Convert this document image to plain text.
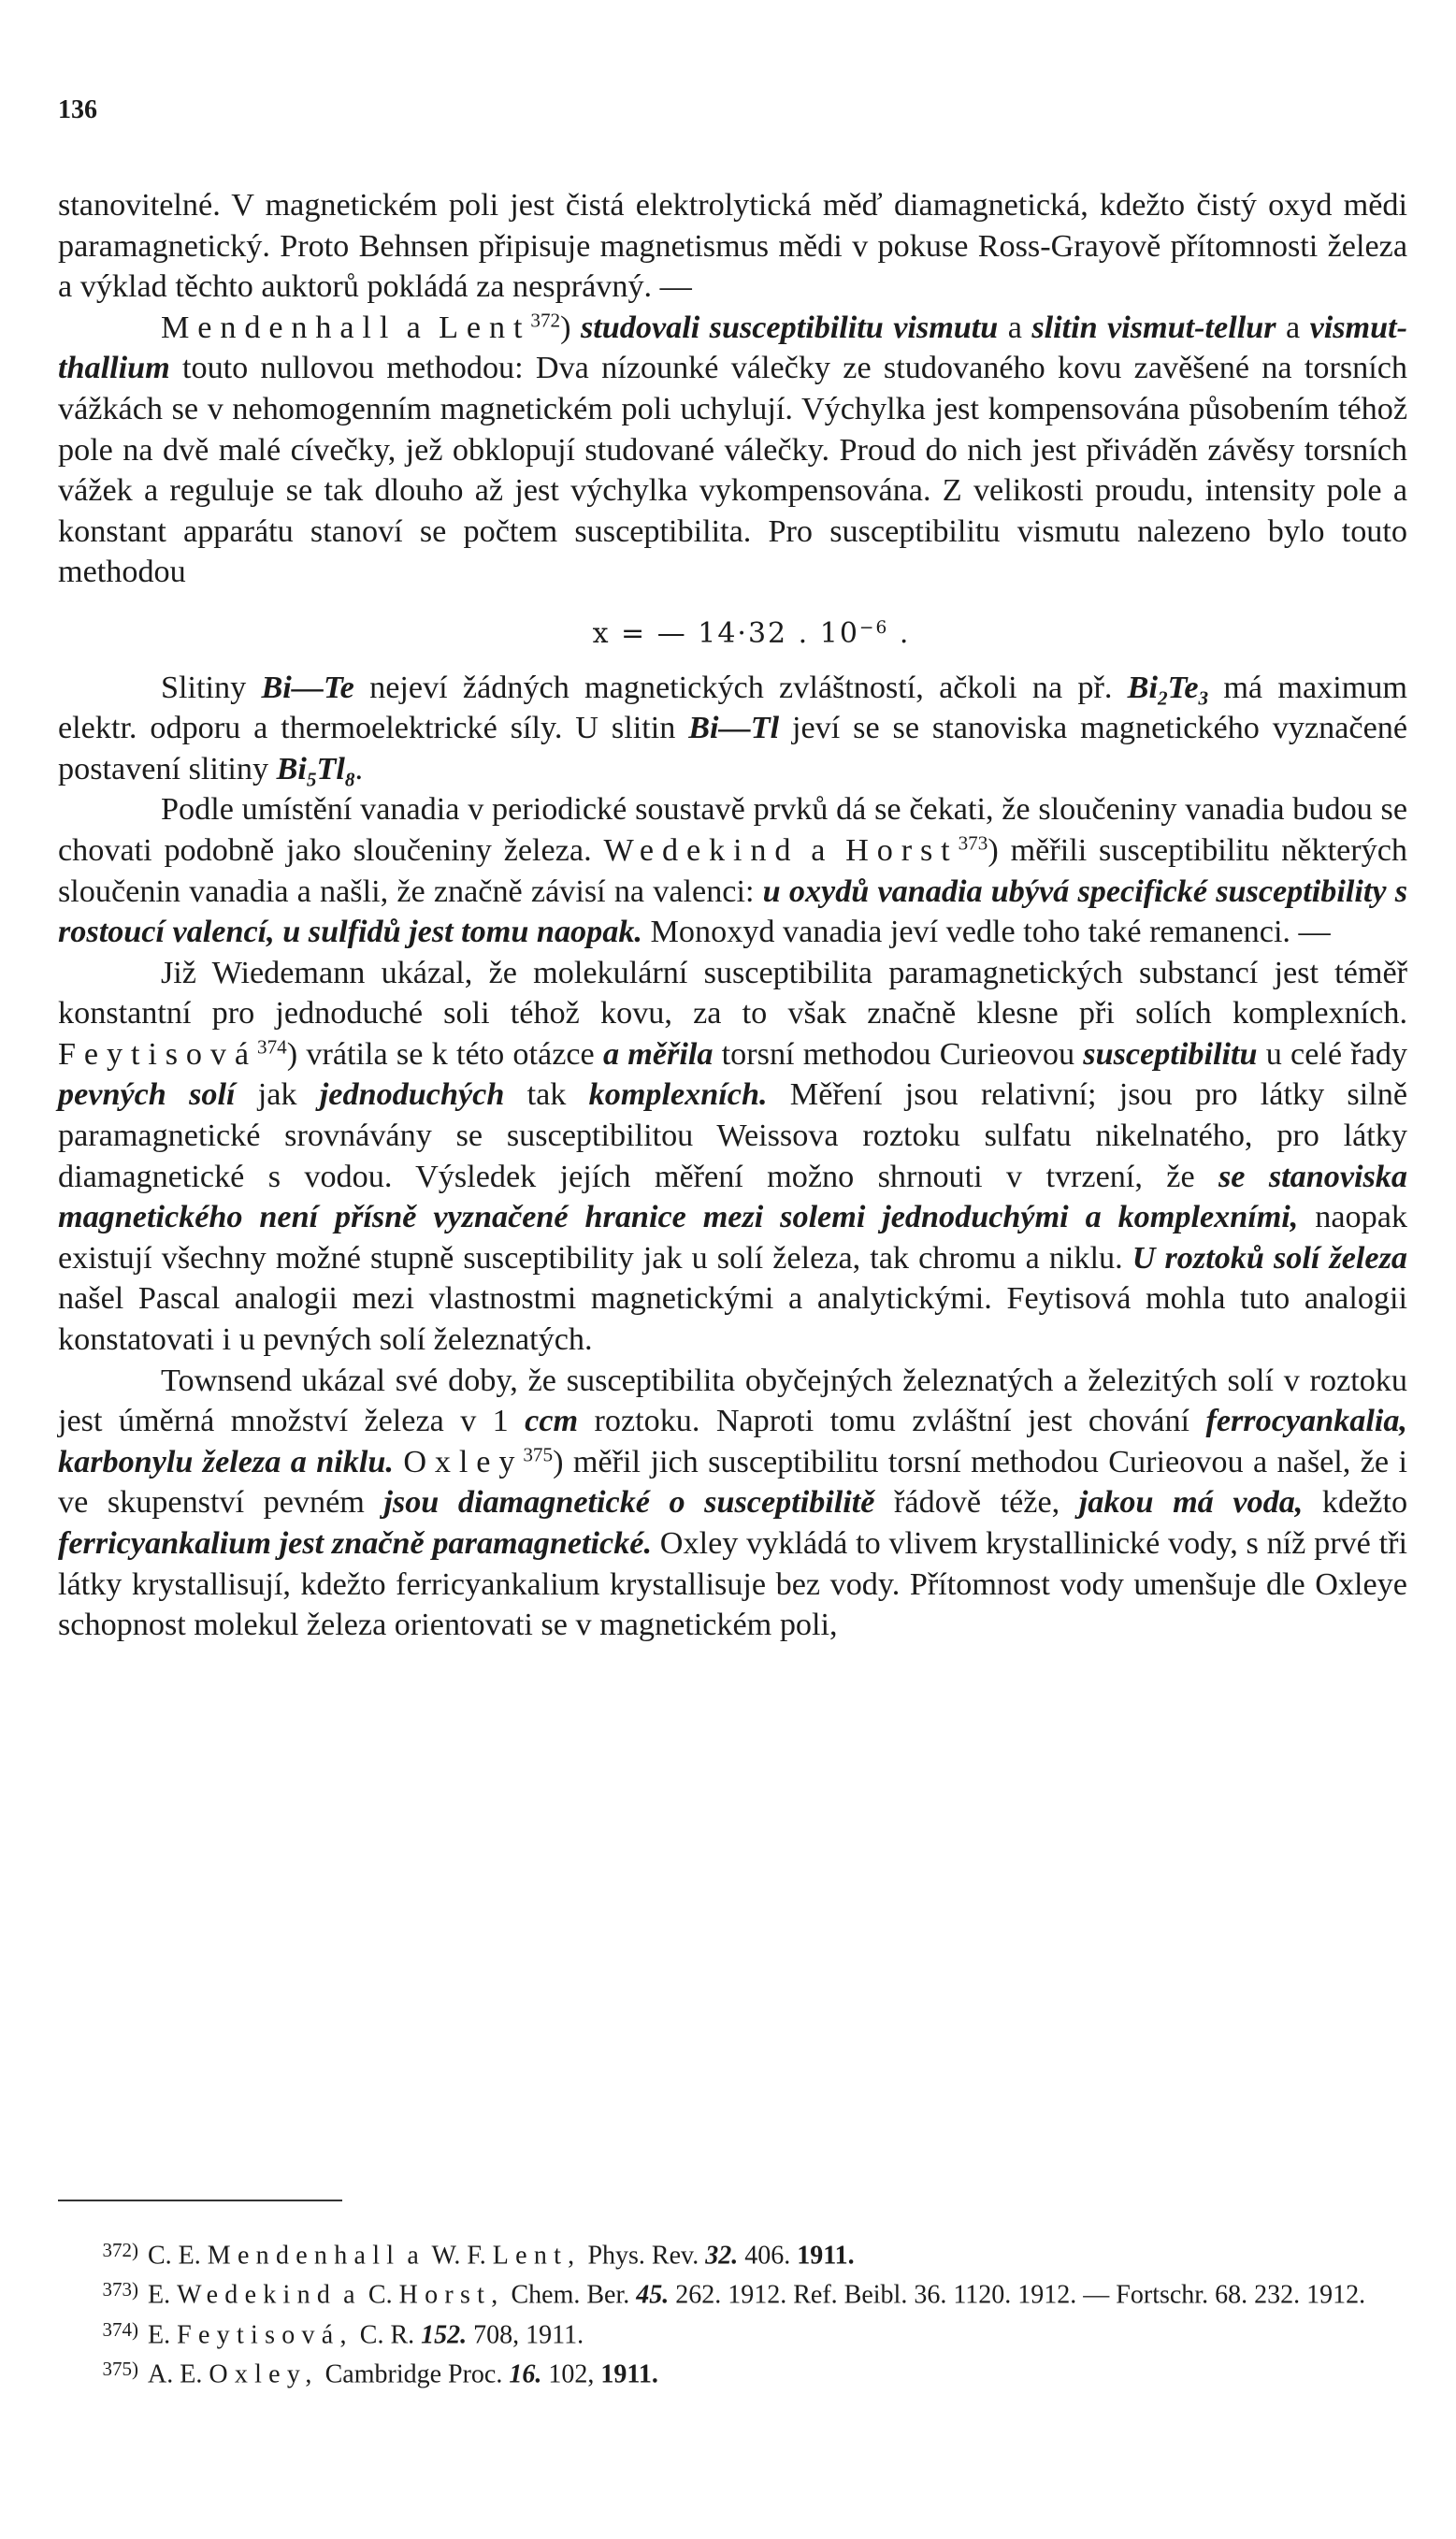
136

stanovitelné. V magnetickém poli jest čistá elektrolytická měď diamagnetická, kdežto čistý oxyd mědi paramagnetický. Proto Behnsen připisuje magnetismus mědi v pokuse Ross-Grayově přítomnosti železa a výklad těchto auktorů pokládá za nesprávný. —

Mendenhall a Lent$^{372}$) studovali susceptibilitu vismutu a slitin vismut-tellur a vismut-thallium touto nullovou methodou: Dva nízounké válečky ze studovaného kovu zavěšené na torsních vážkách se v nehomogenním magnetickém poli uchylují. Výchylka jest kompensována působením téhož pole na dvě malé cívečky, jež obklopují studované válečky. Proud do nich jest přiváděn závěsy torsních vážek a reguluje se tak dlouho až jest výchylka vykompensována. Z velikosti proudu, intensity pole a konstant apparátu stanoví se počtem susceptibilita. Pro susceptibilitu vismutu nalezeno bylo touto methodou

x = — 14·32 . 10$^{-6}$ .

Slitiny Bi—Te nejeví žádných magnetických zvláštností, ačkoli na př. $Bi_2Te_3$ má maximum elektr. odporu a thermoelektrické síly. U slitin Bi—Tl jeví se se stanoviska magnetického vyznačené postavení slitiny $Bi_5Tl_8$.

Podle umístění vanadia v periodické soustavě prvků dá se čekati, že sloučeniny vanadia budou se chovati podobně jako sloučeniny železa. Wedekind a Horst$^{373}$) měřili susceptibilitu některých sloučenin vanadia a našli, že značně závisí na valenci: u oxydů vanadia ubývá specifické susceptibility s rostoucí valencí, u sulfidů jest tomu naopak. Monoxyd vanadia jeví vedle toho také remanenci. —

Již Wiedemann ukázal, že molekulární susceptibilita paramagnetických substancí jest téměř konstantní pro jednoduché soli téhož kovu, za to však značně klesne při solích komplexních. Feytisová$^{374}$) vrátila se k této otázce a měřila torsní methodou Curieovou susceptibilitu u celé řady pevných solí jak jednoduchých tak komplexních. Měření jsou relativní; jsou pro látky silně paramagnetické srovnávány se susceptibilitou Weissova roztoku sulfatu nikelnatého, pro látky diamagnetické s vodou. Výsledek jejích měření možno shrnouti v tvrzení, že se stanoviska magnetického není přísně vyznačené hranice mezi solemi jednoduchými a komplexními, naopak existují všechny možné stupně susceptibility jak u solí železa, tak chromu a niklu. U roztoků solí železa našel Pascal analogii mezi vlastnostmi magnetickými a analytickými. Feytisová mohla tuto analogii konstatovati i u pevných solí železnatých.

Townsend ukázal své doby, že susceptibilita obyčejných železnatých a železitých solí v roztoku jest úměrná množství železa v 1 ccm roztoku. Naproti tomu zvláštní jest chování ferrocyankalia, karbonylu železa a niklu. Oxley$^{375}$) měřil jich susceptibilitu torsní methodou Curieovou a našel, že i ve skupenství pevném jsou diamagnetické o susceptibilitě řádově téže, jakou má voda, kdežto ferricyankalium jest značně paramagnetické. Oxley vykládá to vlivem krystallinické vody, s níž prvé tři látky krystallisují, kdežto ferricyankalium krystallisuje bez vody. Přítomnost vody umenšuje dle Oxleye schopnost molekul železa orientovati se v magnetickém poli,

372) C. E. Mendenhall a W. F. Lent, Phys. Rev. 32. 406. 1911.

373) E. Wedekind a C. Horst, Chem. Ber. 45. 262. 1912. Ref. Beibl. 36. 1120. 1912. — Fortschr. 68. 232. 1912.

374) E. Feytisová, C. R. 152. 708, 1911.

375) A. E. Oxley, Cambridge Proc. 16. 102, 1911.
